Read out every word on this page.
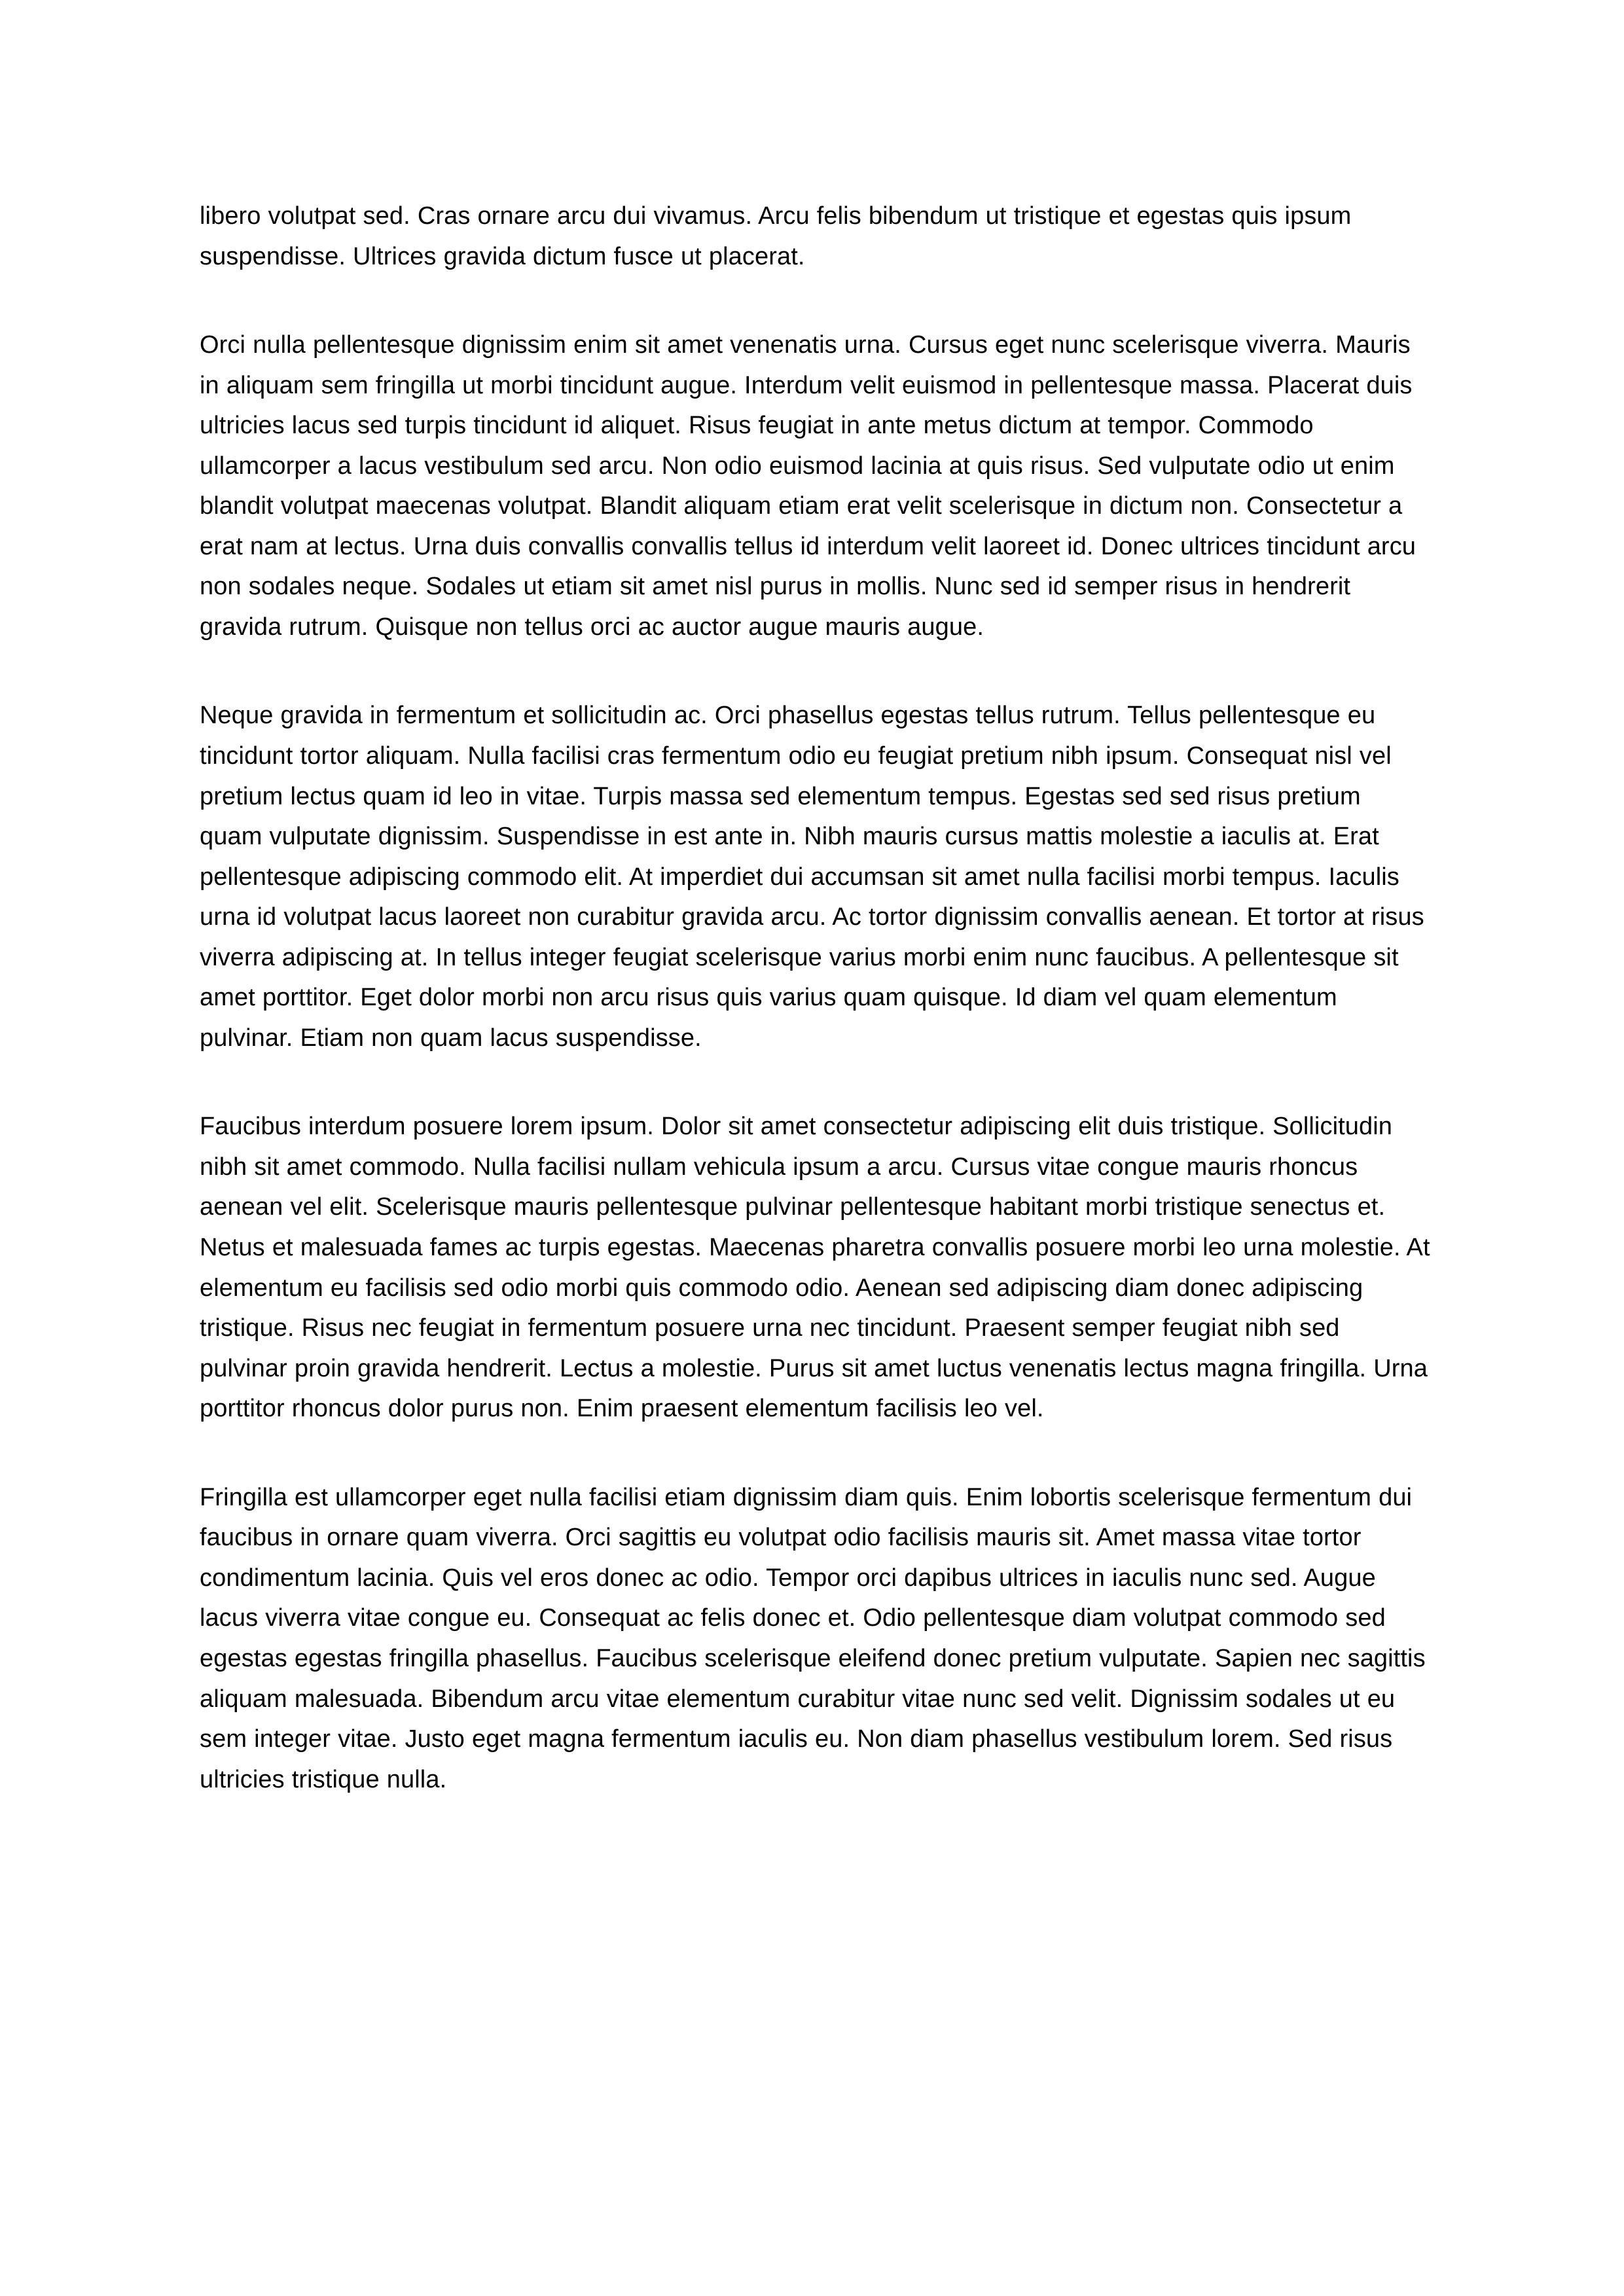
libero volutpat sed. Cras ornare arcu dui vivamus. Arcu felis bibendum ut tristique et egestas quis ipsum suspendisse. Ultrices gravida dictum fusce ut placerat.

Orci nulla pellentesque dignissim enim sit amet venenatis urna. Cursus eget nunc scelerisque viverra. Mauris in aliquam sem fringilla ut morbi tincidunt augue. Interdum velit euismod in pellentesque massa. Placerat duis ultricies lacus sed turpis tincidunt id aliquet. Risus feugiat in ante metus dictum at tempor. Commodo ullamcorper a lacus vestibulum sed arcu. Non odio euismod lacinia at quis risus. Sed vulputate odio ut enim blandit volutpat maecenas volutpat. Blandit aliquam etiam erat velit scelerisque in dictum non. Consectetur a erat nam at lectus. Urna duis convallis convallis tellus id interdum velit laoreet id. Donec ultrices tincidunt arcu non sodales neque. Sodales ut etiam sit amet nisl purus in mollis. Nunc sed id semper risus in hendrerit gravida rutrum. Quisque non tellus orci ac auctor augue mauris augue.

Neque gravida in fermentum et sollicitudin ac. Orci phasellus egestas tellus rutrum. Tellus pellentesque eu tincidunt tortor aliquam. Nulla facilisi cras fermentum odio eu feugiat pretium nibh ipsum. Consequat nisl vel pretium lectus quam id leo in vitae. Turpis massa sed elementum tempus. Egestas sed sed risus pretium quam vulputate dignissim. Suspendisse in est ante in. Nibh mauris cursus mattis molestie a iaculis at. Erat pellentesque adipiscing commodo elit. At imperdiet dui accumsan sit amet nulla facilisi morbi tempus. Iaculis urna id volutpat lacus laoreet non curabitur gravida arcu. Ac tortor dignissim convallis aenean. Et tortor at risus viverra adipiscing at. In tellus integer feugiat scelerisque varius morbi enim nunc faucibus. A pellentesque sit amet porttitor. Eget dolor morbi non arcu risus quis varius quam quisque. Id diam vel quam elementum pulvinar. Etiam non quam lacus suspendisse.

Faucibus interdum posuere lorem ipsum. Dolor sit amet consectetur adipiscing elit duis tristique. Sollicitudin nibh sit amet commodo. Nulla facilisi nullam vehicula ipsum a arcu. Cursus vitae congue mauris rhoncus aenean vel elit. Scelerisque mauris pellentesque pulvinar pellentesque habitant morbi tristique senectus et. Netus et malesuada fames ac turpis egestas. Maecenas pharetra convallis posuere morbi leo urna molestie. At elementum eu facilisis sed odio morbi quis commodo odio. Aenean sed adipiscing diam donec adipiscing tristique. Risus nec feugiat in fermentum posuere urna nec tincidunt. Praesent semper feugiat nibh sed pulvinar proin gravida hendrerit. Lectus a molestie. Purus sit amet luctus venenatis lectus magna fringilla. Urna porttitor rhoncus dolor purus non. Enim praesent elementum facilisis leo vel.

Fringilla est ullamcorper eget nulla facilisi etiam dignissim diam quis. Enim lobortis scelerisque fermentum dui faucibus in ornare quam viverra. Orci sagittis eu volutpat odio facilisis mauris sit. Amet massa vitae tortor condimentum lacinia. Quis vel eros donec ac odio. Tempor orci dapibus ultrices in iaculis nunc sed. Augue lacus viverra vitae congue eu. Consequat ac felis donec et. Odio pellentesque diam volutpat commodo sed egestas egestas fringilla phasellus. Faucibus scelerisque eleifend donec pretium vulputate. Sapien nec sagittis aliquam malesuada. Bibendum arcu vitae elementum curabitur vitae nunc sed velit. Dignissim sodales ut eu sem integer vitae. Justo eget magna fermentum iaculis eu. Non diam phasellus vestibulum lorem. Sed risus ultricies tristique nulla.
